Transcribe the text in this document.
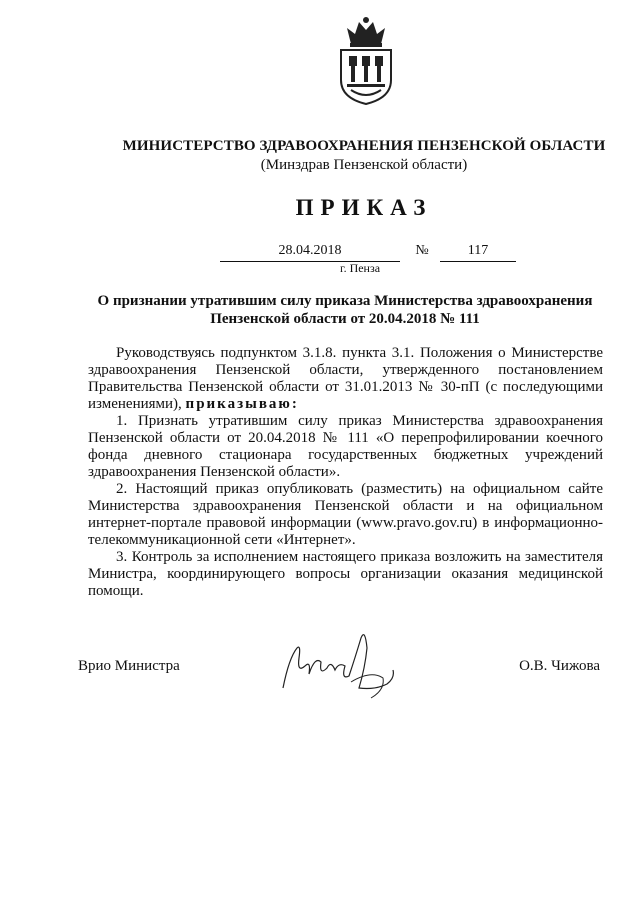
МИНИСТЕРСТВО ЗДРАВООХРАНЕНИЯ ПЕНЗЕНСКОЙ ОБЛАСТИ
(Минздрав Пензенской области)
ПРИКАЗ
28.04.2018	№	117
г. Пенза
О признании утратившим силу приказа Министерства здравоохранения
Пензенской области от 20.04.2018 № 111

Руководствуясь подпунктом 3.1.8. пункта 3.1. Положения о Министерстве здравоохранения Пензенской области, утвержденного постановлением Правительства Пензенской области от 31.01.2013 № 30-пП (с последующими изменениями), приказываю:

1. Признать утратившим силу приказ Министерства здравоохранения Пензенской области от 20.04.2018 № 111 «О перепрофилировании коечного фонда дневного стационара государственных бюджетных учреждений здравоохранения Пензенской области».

2. Настоящий приказ опубликовать (разместить) на официальном сайте Министерства здравоохранения Пензенской области и на официальном интернет-портале правовой информации (www.pravo.gov.ru) в информационно-телекоммуникационной сети «Интернет».

3. Контроль за исполнением настоящего приказа возложить на заместителя Министра, координирующего вопросы организации оказания медицинской помощи.

Врио Министра	О.В. Чижова
